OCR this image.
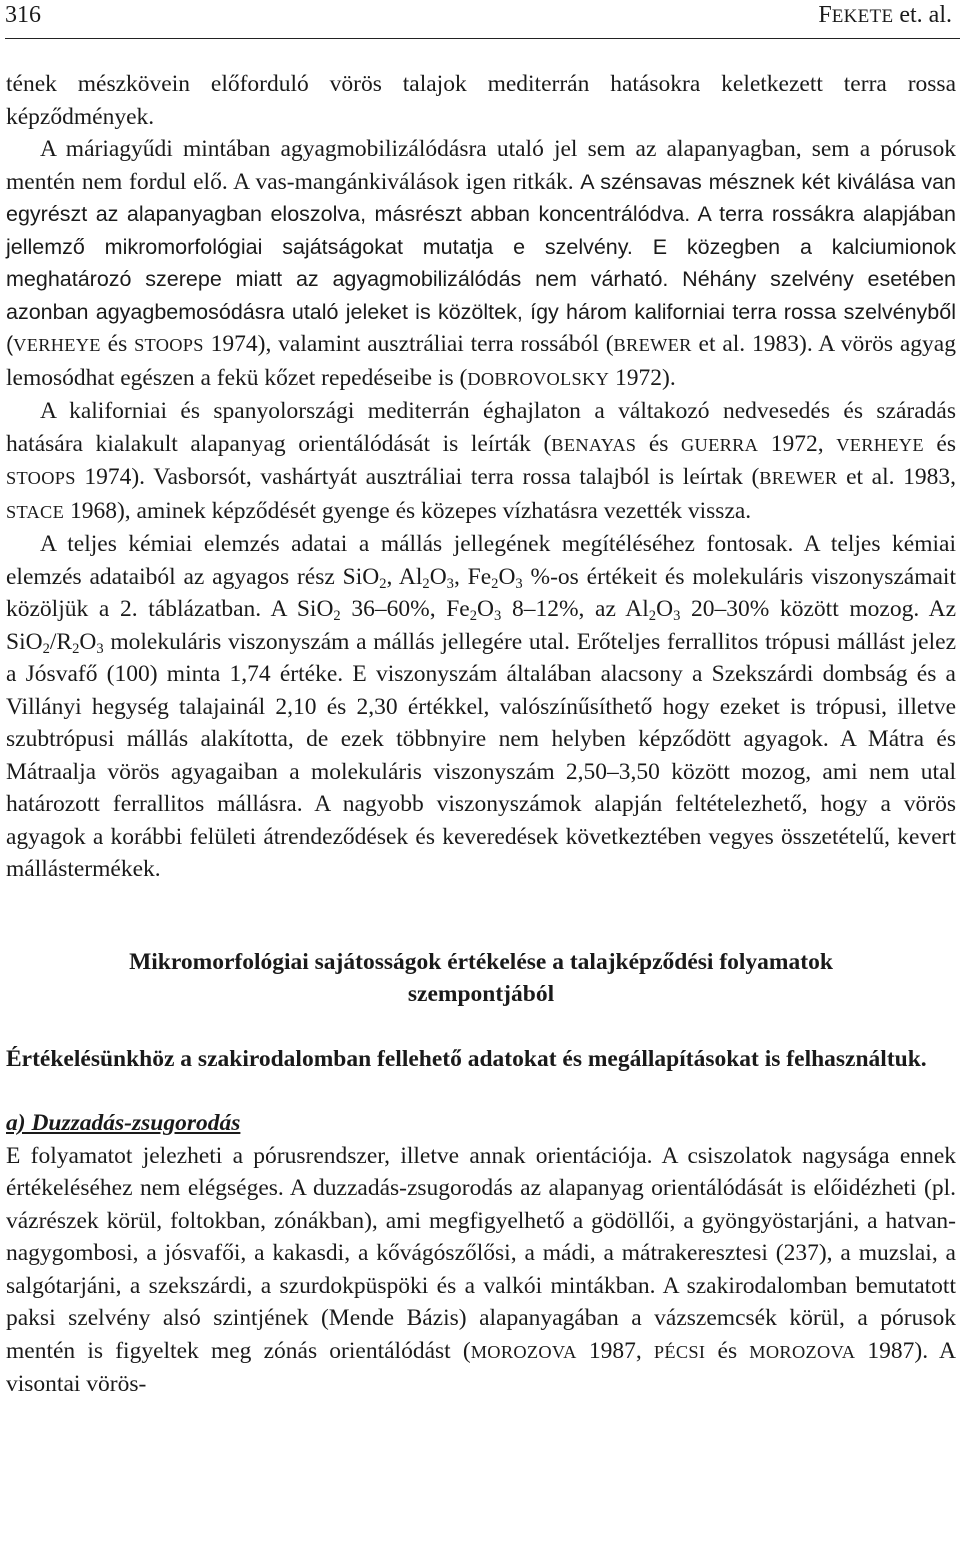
316	FEKETE et. al.

tének mészkövein előforduló vörös talajok mediterrán hatásokra keletkezett terra rossa képződmények.

A máriagyűdi mintában agyagmobilizálódásra utaló jel sem az alapanyagban, sem a pórusok mentén nem fordul elő. A vas-mangánkiválások igen ritkák. A szénsavas mésznek két kiválása van egyrészt az alapanyagban eloszolva, másrészt abban koncentrálódva. A terra rossákra alapjában jellemző mikromorfológiai sajátságokat mutatja e szelvény. E közegben a kalciumionok meghatározó szerepe miatt az agyagmobilizálódás nem várható. Néhány szelvény esetében azonban agyagbemosódásra utaló jeleket is közöltek, így három kaliforniai terra rossa szelvényből (VERHEYE és STOOPS 1974), valamint ausztráliai terra rossából (BREWER et al. 1983). A vörös agyag lemosódhat egészen a fekü kőzet repedéseibe is (DOBROVOLSKY 1972).

A kaliforniai és spanyolországi mediterrán éghajlaton a váltakozó nedvesedés és száradás hatására kialakult alapanyag orientálódását is leírták (BENAYAS és GUERRA 1972, VERHEYE és STOOPS 1974). Vasborsót, vashártyát ausztráliai terra rossa talajból is leírtak (BREWER et al. 1983, STACE 1968), aminek képződését gyenge és közepes vízhatásra vezették vissza.

A teljes kémiai elemzés adatai a mállás jellegének megítéléséhez fontosak. A teljes kémiai elemzés adataiból az agyagos rész SiO$_2$, $Al_2O_3$, $Fe_2O_3$ %-os értékeit és molekuláris viszonyszámait közöljük a 2. táblázatban. A SiO$_2$ 36–60%, $Fe_2O_3$ 8–12%, az $Al_2O_3$ 20–30% között mozog. Az $SiO_2/R_2O_3$ molekuláris viszonyszám a mállás jellegére utal. Erőteljes ferrallitos trópusi mállást jelez a Jósvafő (100) minta 1,74 értéke. E viszonyszám általában alacsony a Szekszárdi dombság és a Villányi hegység talajainál 2,10 és 2,30 értékkel, valószínűsíthető hogy ezeket is trópusi, illetve szubtrópusi mállás alakította, de ezek többnyire nem helyben képződött agyagok. A Mátra és Mátraalja vörös agyagaiban a molekuláris viszonyszám 2,50–3,50 között mozog, ami nem utal határozott ferrallitos mállásra. A nagyobb viszonyszámok alapján feltételezhető, hogy a vörös agyagok a korábbi felületi átrendeződések és keveredések következtében vegyes összetételű, kevert mállástermékek.

Mikromorfológiai sajátosságok értékelése a talajképződési folyamatok
szempontjából

Értékelésünkhöz a szakirodalomban fellehető adatokat és megállapításokat is felhasználtuk.

a) Duzzadás-zsugorodás

E folyamatot jelezheti a pórusrendszer, illetve annak orientációja. A csiszolatok nagysága ennek értékeléséhez nem elégséges. A duzzadás-zsugorodás az alapanyag orientálódását is előidézheti (pl. vázrészek körül, foltokban, zónákban), ami megfigyelhető a gödöllői, a gyöngyöstarjáni, a hatvan-nagygombosi, a jósvafői, a kakasdi, a kővágószőlősi, a mádi, a mátrakeresztesi (237), a muzslai, a salgótarjáni, a szekszárdi, a szurdokpüspöki és a valkói mintákban. A szakirodalomban bemutatott paksi szelvény alsó szintjének (Mende Bázis) alapanyagában a vázszemcsék körül, a pórusok mentén is figyeltek meg zónás orientálódást (MOROZOVA 1987, PÉCSI és MOROZOVA 1987). A visontai vörös-
